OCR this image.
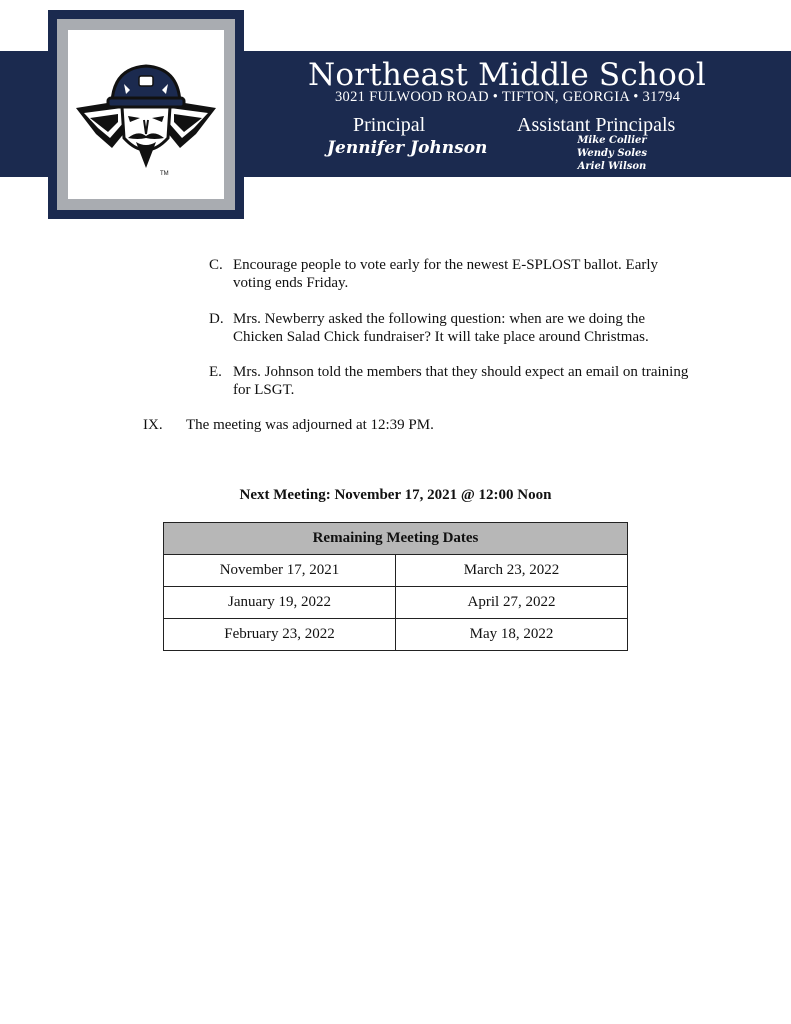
TM
Northeast Middle School
3021 FULWOOD ROAD • TIFTON, GEORGIA • 31794
Principal	Assistant Principals
Jennifer Johnson	Mike Collier
Wendy Soles
Ariel Wilson
C. Encourage people to vote early for the newest E-SPLOST ballot. Early voting ends Friday.
D. Mrs. Newberry asked the following question: when are we doing the Chicken Salad Chick fundraiser? It will take place around Christmas.
E. Mrs. Johnson told the members that they should expect an email on training for LSGT.
IX. The meeting was adjourned at 12:39 PM.
Next Meeting: November 17, 2021 @ 12:00 Noon
Remaining Meeting Dates	
November 17, 2021	March 23, 2022
January 19, 2022	April 27, 2022
February 23, 2022	May 18, 2022
